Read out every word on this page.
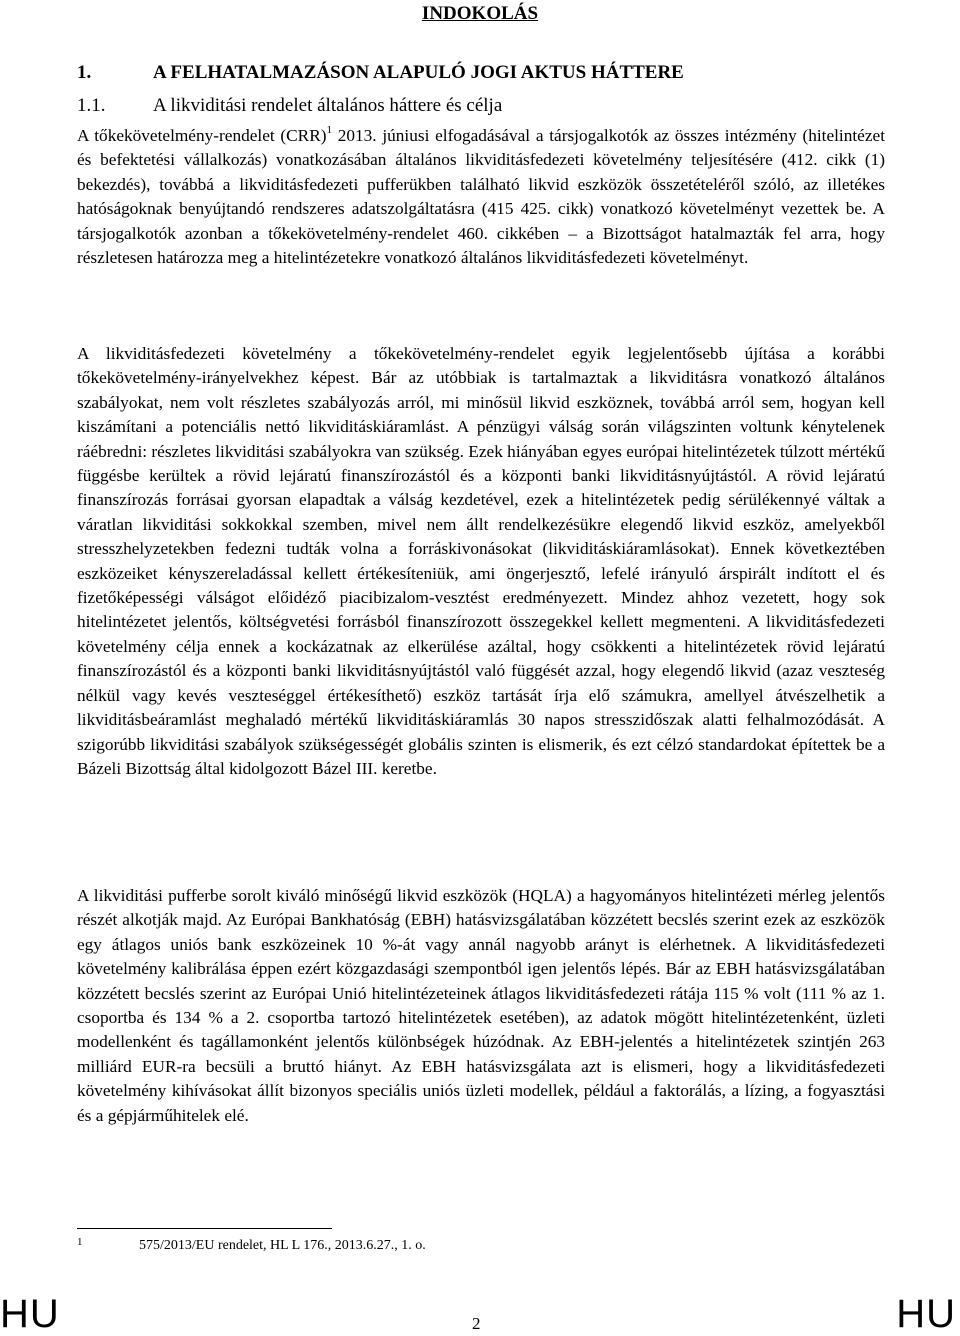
INDOKOLÁS
1.	A FELHATALMAZÁSON ALAPULÓ JOGI AKTUS HÁTTERE
1.1.	A likviditási rendelet általános háttere és célja

A tőkekövetelmény-rendelet (CRR)$^1$ 2013. júniusi elfogadásával a társjogalkotók az összes intézmény (hitelintézet és befektetési vállalkozás) vonatkozásában általános likviditásfedezeti követelmény teljesítésére (412. cikk (1) bekezdés), továbbá a likviditásfedezeti pufferükben található likvid eszközök összetételéről szóló, az illetékes hatóságoknak benyújtandó rendszeres adatszolgáltatásra (415 425. cikk) vonatkozó követelményt vezettek be. A társjogalkotók azonban a tőkekövetelmény-rendelet 460. cikkében – a Bizottságot hatalmazták fel arra, hogy részletesen határozza meg a hitelintézetekre vonatkozó általános likviditásfedezeti követelményt.

A likviditásfedezeti követelmény a tőkekövetelmény-rendelet egyik legjelentősebb újítása a korábbi tőkekövetelmény-irányelvekhez képest. Bár az utóbbiak is tartalmaztak a likviditásra vonatkozó általános szabályokat, nem volt részletes szabályozás arról, mi minősül likvid eszköznek, továbbá arról sem, hogyan kell kiszámítani a potenciális nettó likviditáskiáramlást. A pénzügyi válság során világszinten voltunk kénytelenek ráébredni: részletes likviditási szabályokra van szükség. Ezek hiányában egyes európai hitelintézetek túlzott mértékű függésbe kerültek a rövid lejáratú finanszírozástól és a központi banki likviditásnyújtástól. A rövid lejáratú finanszírozás forrásai gyorsan elapadtak a válság kezdetével, ezek a hitelintézetek pedig sérülékennyé váltak a váratlan likviditási sokkokkal szemben, mivel nem állt rendelkezésükre elegendő likvid eszköz, amelyekből stresszhelyzetekben fedezni tudták volna a forráskivonásokat (likviditáskiáramlásokat). Ennek következtében eszközeiket kényszereladással kellett értékesíteniük, ami öngerjesztő, lefelé irányuló árspirált indított el és fizetőképességi válságot előidéző piacibizalom-vesztést eredményezett. Mindez ahhoz vezetett, hogy sok hitelintézetet jelentős, költségvetési forrásból finanszírozott összegekkel kellett megmenteni. A likviditásfedezeti követelmény célja ennek a kockázatnak az elkerülése azáltal, hogy csökkenti a hitelintézetek rövid lejáratú finanszírozástól és a központi banki likviditásnyújtástól való függését azzal, hogy elegendő likvid (azaz veszteség nélkül vagy kevés veszteséggel értékesíthető) eszköz tartását írja elő számukra, amellyel átvészelhetik a likviditásbeáramlást meghaladó mértékű likviditáskiáramlás 30 napos stresszidőszak alatti felhalmozódását. A szigorúbb likviditási szabályok szükségességét globális szinten is elismerik, és ezt célzó standardokat építettek be a Bázeli Bizottság által kidolgozott Bázel III. keretbe.

A likviditási pufferbe sorolt kiváló minőségű likvid eszközök (HQLA) a hagyományos hitelintézeti mérleg jelentős részét alkotják majd. Az Európai Bankhatóság (EBH) hatásvizsgálatában közzétett becslés szerint ezek az eszközök egy átlagos uniós bank eszközeinek 10 %-át vagy annál nagyobb arányt is elérhetnek. A likviditásfedezeti követelmény kalibrálása éppen ezért közgazdasági szempontból igen jelentős lépés. Bár az EBH hatásvizsgálatában közzétett becslés szerint az Európai Unió hitelintézeteinek átlagos likviditásfedezeti rátája 115 % volt (111 % az 1. csoportba és 134 % a 2. csoportba tartozó hitelintézetek esetében), az adatok mögött hitelintézetenként, üzleti modellenként és tagállamonként jelentős különbségek húzódnak. Az EBH-jelentés a hitelintézetek szintjén 263 milliárd EUR-ra becsüli a bruttó hiányt. Az EBH hatásvizsgálata azt is elismeri, hogy a likviditásfedezeti követelmény kihívásokat állít bizonyos speciális uniós üzleti modellek, például a faktorálás, a lízing, a fogyasztási és a gépjárműhitelek elé.

1	575/2013/EU rendelet, HL L 176., 2013.6.27., 1. o.
HU	2	HU
